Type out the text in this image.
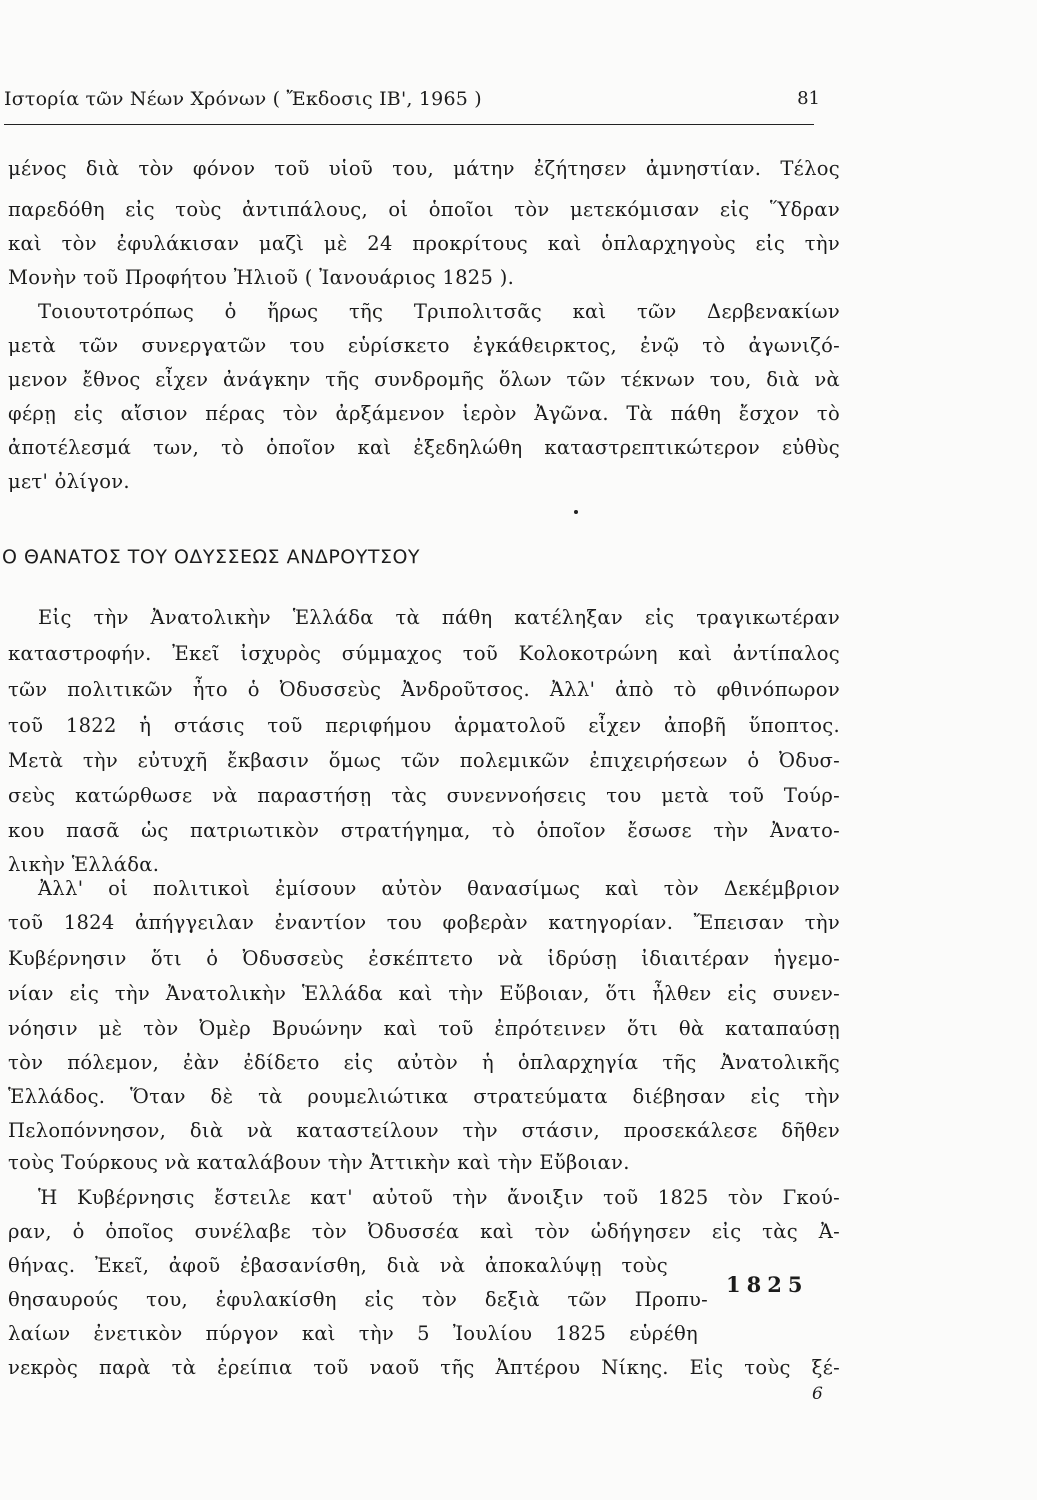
Ιστορία τῶν Νέων Χρόνων ( Ἔκδοσις ΙΒ', 1965 )	81
μένος διὰ τὸν φόνον τοῦ υἱοῦ του, μάτην ἐζήτησεν ἀμνηστίαν. Τέλος
παρεδόθη εἰς τοὺς ἀντιπάλους, οἱ ὁποῖοι τὸν μετεκόμισαν εἰς Ὕδραν
καὶ τὸν ἐφυλάκισαν μαζὶ μὲ 24 προκρίτους καὶ ὁπλαρχηγοὺς εἰς τὴν
Μονὴν τοῦ Προφήτου Ἠλιοῦ ( Ἰανουάριος 1825 ).
Τοιουτοτρόπως ὁ ἥρως τῆς Τριπολιτσᾶς καὶ τῶν Δερβενακίων
μετὰ τῶν συνεργατῶν του εὑρίσκετο ἐγκάθειρκτος, ἐνῷ τὸ ἀγωνιζό-
μενον ἔθνος εἶχεν ἀνάγκην τῆς συνδρομῆς ὅλων τῶν τέκνων του, διὰ νὰ
φέρῃ εἰς αἴσιον πέρας τὸν ἀρξάμενον ἱερὸν Ἀγῶνα. Τὰ πάθη ἔσχον τὸ
ἀποτέλεσμά των, τὸ ὁποῖον καὶ ἐξεδηλώθη καταστρεπτικώτερον εὐθὺς
μετ' ὀλίγον.
Ο ΘΑΝΑΤΟΣ ΤΟΥ ΟΔΥΣΣΕΩΣ ΑΝΔΡΟΥΤΣΟΥ
Εἰς τὴν Ἀνατολικὴν Ἑλλάδα τὰ πάθη κατέληξαν εἰς τραγικωτέραν
καταστροφήν. Ἐκεῖ ἰσχυρὸς σύμμαχος τοῦ Κολοκοτρώνη καὶ ἀντίπαλος
τῶν πολιτικῶν ἦτο ὁ Ὀδυσσεὺς Ἀνδροῦτσος. Ἀλλ' ἀπὸ τὸ φθινόπωρον
τοῦ 1822 ἡ στάσις τοῦ περιφήμου ἁρματολοῦ εἶχεν ἀποβῆ ὕποπτος.
Μετὰ τὴν εὐτυχῆ ἔκβασιν ὅμως τῶν πολεμικῶν ἐπιχειρήσεων ὁ Ὀδυσ-
σεὺς κατώρθωσε νὰ παραστήσῃ τὰς συνεννοήσεις του μετὰ τοῦ Τούρ-
κου πασᾶ ὡς πατριωτικὸν στρατήγημα, τὸ ὁποῖον ἔσωσε τὴν Ἀνατο-
λικὴν Ἑλλάδα.
Ἀλλ' οἱ πολιτικοὶ ἐμίσουν αὐτὸν θανασίμως καὶ τὸν Δεκέμβριον
τοῦ 1824 ἀπήγγειλαν ἐναντίον του φοβερὰν κατηγορίαν. Ἔπεισαν τὴν
Κυβέρνησιν ὅτι ὁ Ὀδυσσεὺς ἐσκέπτετο νὰ ἱδρύσῃ ἰδιαιτέραν ἡγεμο-
νίαν εἰς τὴν Ἀνατολικὴν Ἑλλάδα καὶ τὴν Εὔβοιαν, ὅτι ἦλθεν εἰς συνεν-
νόησιν μὲ τὸν Ὀμὲρ Βρυώνην καὶ τοῦ ἐπρότεινεν ὅτι θὰ καταπαύσῃ
τὸν πόλεμον, ἐὰν ἐδίδετο εἰς αὐτὸν ἡ ὁπλαρχηγία τῆς Ἀνατολικῆς
Ἑλλάδος. Ὅταν δὲ τὰ ρουμελιώτικα στρατεύματα διέβησαν εἰς τὴν
Πελοπόννησον, διὰ νὰ καταστείλουν τὴν στάσιν, προσεκάλεσε δῆθεν
τοὺς Τούρκους νὰ καταλάβουν τὴν Ἀττικὴν καὶ τὴν Εὔβοιαν.
Ἡ Κυβέρνησις ἔστειλε κατ' αὐτοῦ τὴν ἄνοιξιν τοῦ 1825 τὸν Γκού-
ραν, ὁ ὁποῖος συνέλαβε τὸν Ὀδυσσέα καὶ τὸν ὡδήγησεν εἰς τὰς Ἀ-
θήνας. Ἐκεῖ, ἀφοῦ ἐβασανίσθη, διὰ νὰ ἀποκαλύψῃ τοὺς
θησαυρούς του, ἐφυλακίσθη εἰς τὸν δεξιὰ τῶν Προπυ-
λαίων ἐνετικὸν πύργον καὶ τὴν 5 Ἰουλίου 1825 εὑρέθη
νεκρὸς παρὰ τὰ ἐρείπια τοῦ ναοῦ τῆς Ἀπτέρου Νίκης. Εἰς τοὺς ξέ-
1825
6
